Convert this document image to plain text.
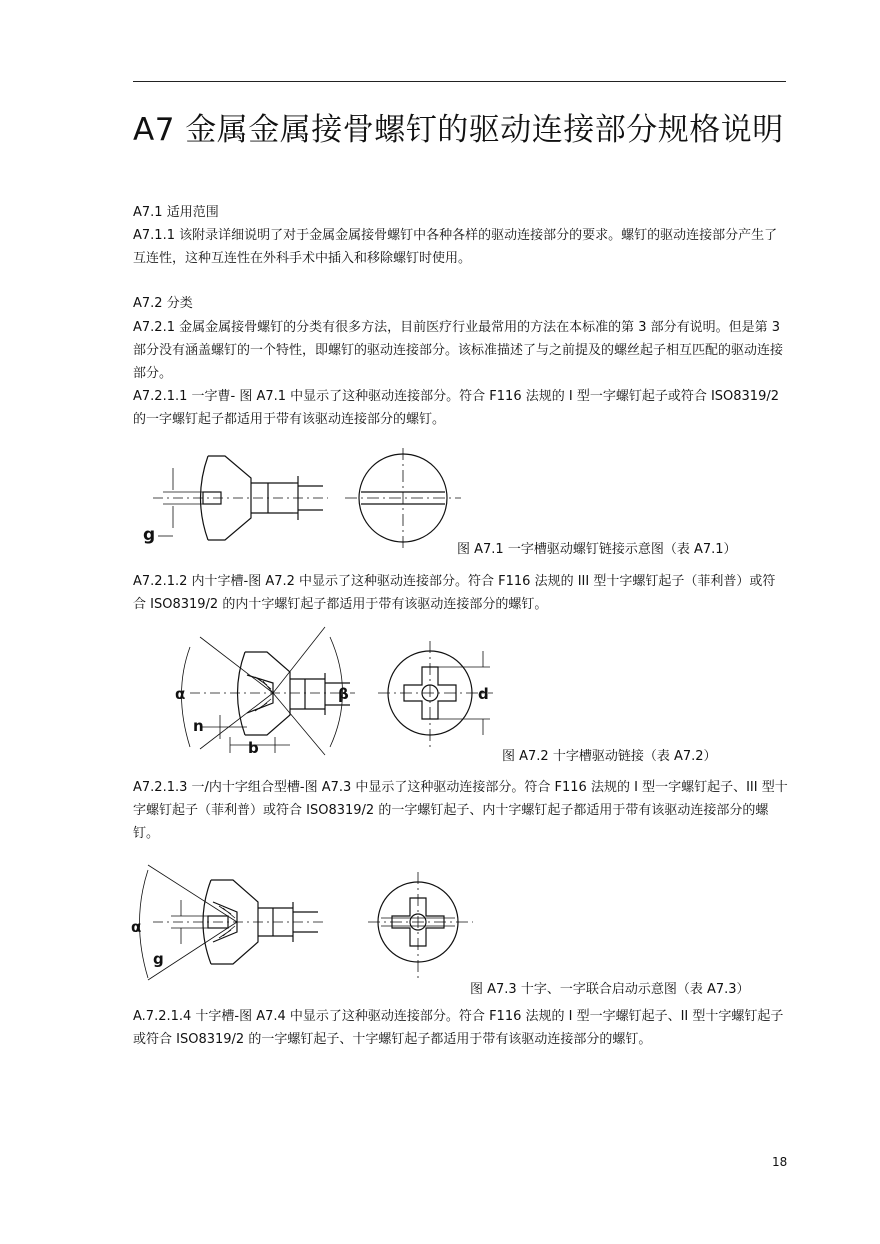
A7 金属金属接骨螺钉的驱动连接部分规格说明
A7.1 适用范围
A7.1.1 该附录详细说明了对于金属金属接骨螺钉中各种各样的驱动连接部分的要求。螺钉的驱动连接部分产生了互连性，这种互连性在外科手术中插入和移除螺钉时使用。
A7.2 分类
A7.2.1 金属金属接骨螺钉的分类有很多方法，目前医疗行业最常用的方法在本标准的第 3 部分有说明。但是第 3 部分没有涵盖螺钉的一个特性，即螺钉的驱动连接部分。该标准描述了与之前提及的螺丝起子相互匹配的驱动连接部分。
A7.2.1.1 一字曹- 图 A7.1 中显示了这种驱动连接部分。符合 F116 法规的 I 型一字螺钉起子或符合 ISO8319/2 的一字螺钉起子都适用于带有该驱动连接部分的螺钉。
g
图 A7.1 一字槽驱动螺钉链接示意图（表 A7.1）
A7.2.1.2 内十字槽-图 A7.2 中显示了这种驱动连接部分。符合 F116 法规的 III 型十字螺钉起子（菲利普）或符合 ISO8319/2 的内十字螺钉起子都适用于带有该驱动连接部分的螺钉。
α	β
n
b
d
图 A7.2 十字槽驱动链接（表 A7.2）
A7.2.1.3 一/内十字组合型槽-图 A7.3 中显示了这种驱动连接部分。符合 F116 法规的 I 型一字螺钉起子、III 型十字螺钉起子（菲利普）或符合 ISO8319/2 的一字螺钉起子、内十字螺钉起子都适用于带有该驱动连接部分的螺钉。
α
g
图 A7.3 十字、一字联合启动示意图（表 A7.3）
A.7.2.1.4 十字槽-图 A7.4 中显示了这种驱动连接部分。符合 F116 法规的 I 型一字螺钉起子、II 型十字螺钉起子 或符合 ISO8319/2 的一字螺钉起子、十字螺钉起子都适用于带有该驱动连接部分的螺钉。
18
